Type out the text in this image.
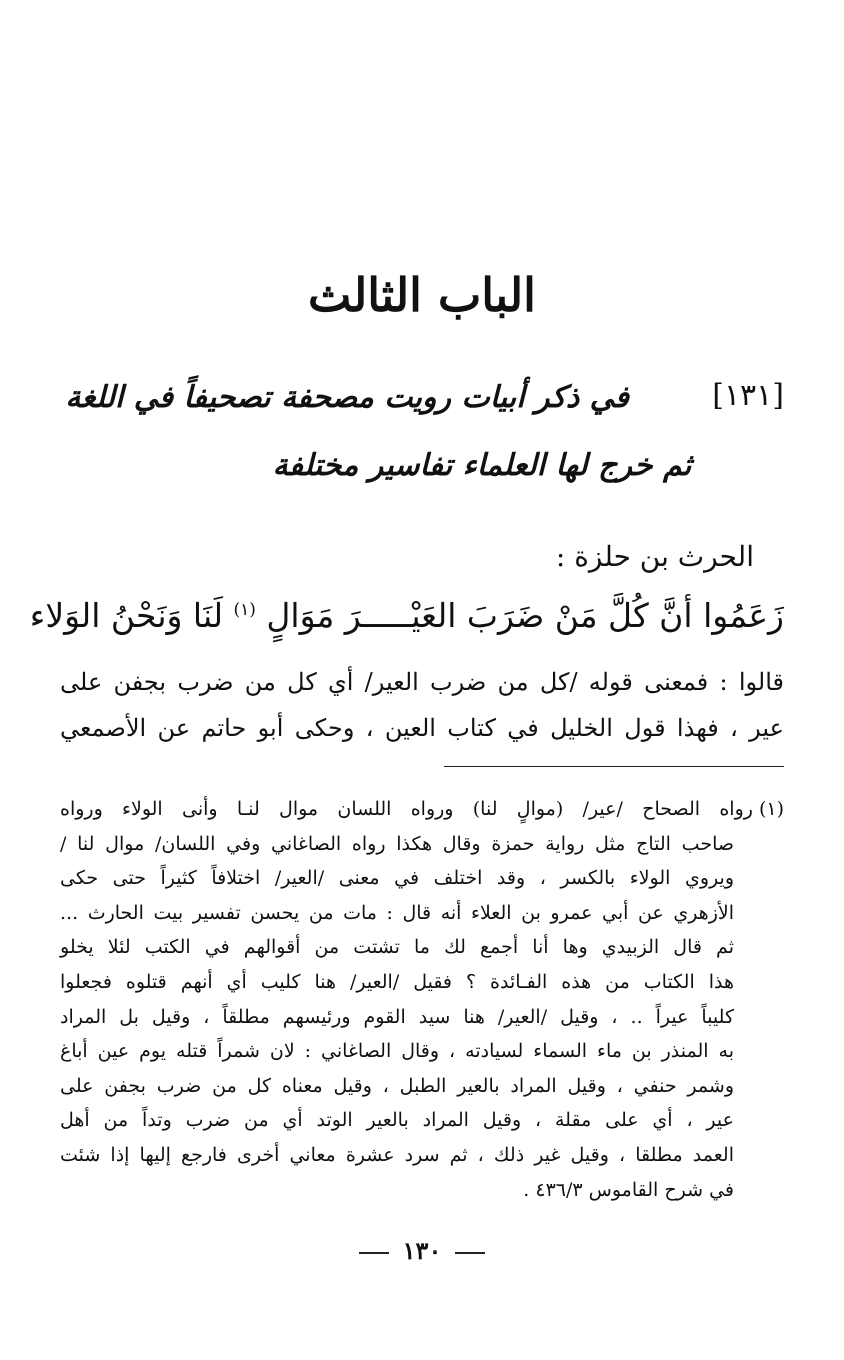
الباب الثالث
[١٣١]
في ذكر أبيات رويت مصحفة تصحيفاً في اللغة
ثم خرج لها العلماء تفاسير مختلفة
الحرث بن حلزة :
زَعَمُوا أنَّ كُلَّ مَنْ ضَرَبَ العَيْـــــرَ مَوَالٍ $^{(١)}$ لَنَا وَنَحْنُ الوَلاء
قالوا : فمعنى قوله /كل من ضرب العير/ أي كل من ضرب بجفن على
عير ، فهذا قول الخليل في كتاب العين ، وحكى أبو حاتم عن الأصمعي
(١)رواه الصحاح /عير/ (موالٍ لنا) ورواه اللسان موال لنـا وأنى الولاء ورواه
صاحب التاج مثل رواية حمزة وقال هكذا رواه الصاغاني وفي اللسان/ موال لنا /
ويروي الولاء بالكسر ، وقد اختلف في معنى /العير/ اختلافاً كثيراً حتى حكى
الأزهري عن أبي عمرو بن العلاء أنه قال : مات من يحسن تفسير بيت الحارث ...
ثم قال الزبيدي وها أنا أجمع لك ما تشتت من أقوالهم في الكتب لئلا يخلو
هذا الكتاب من هذه الفـائدة ؟ فقيل /العير/ هنا كليب أي أنهم قتلوه فجعلوا
كليباً عيراً .. ، وقيل /العير/ هنا سيد القوم ورئيسهم مطلقاً ، وقيل بل المراد
به المنذر بن ماء السماء لسيادته ، وقال الصاغاني : لان شمراً قتله يوم عين أباغ
وشمر حنفي ، وقيل المراد بالعير الطبل ، وقيل معناه كل من ضرب بجفن على
عير ، أي على مقلة ، وقيل المراد بالعير الوتد أي من ضرب وتداً من أهل
العمد مطلقا ، وقيل غير ذلك ، ثم سرد عشرة معاني أخرى فارجع إليها إذا شئت
في شرح القاموس ٤٣٦/٣ .
١٣٠
